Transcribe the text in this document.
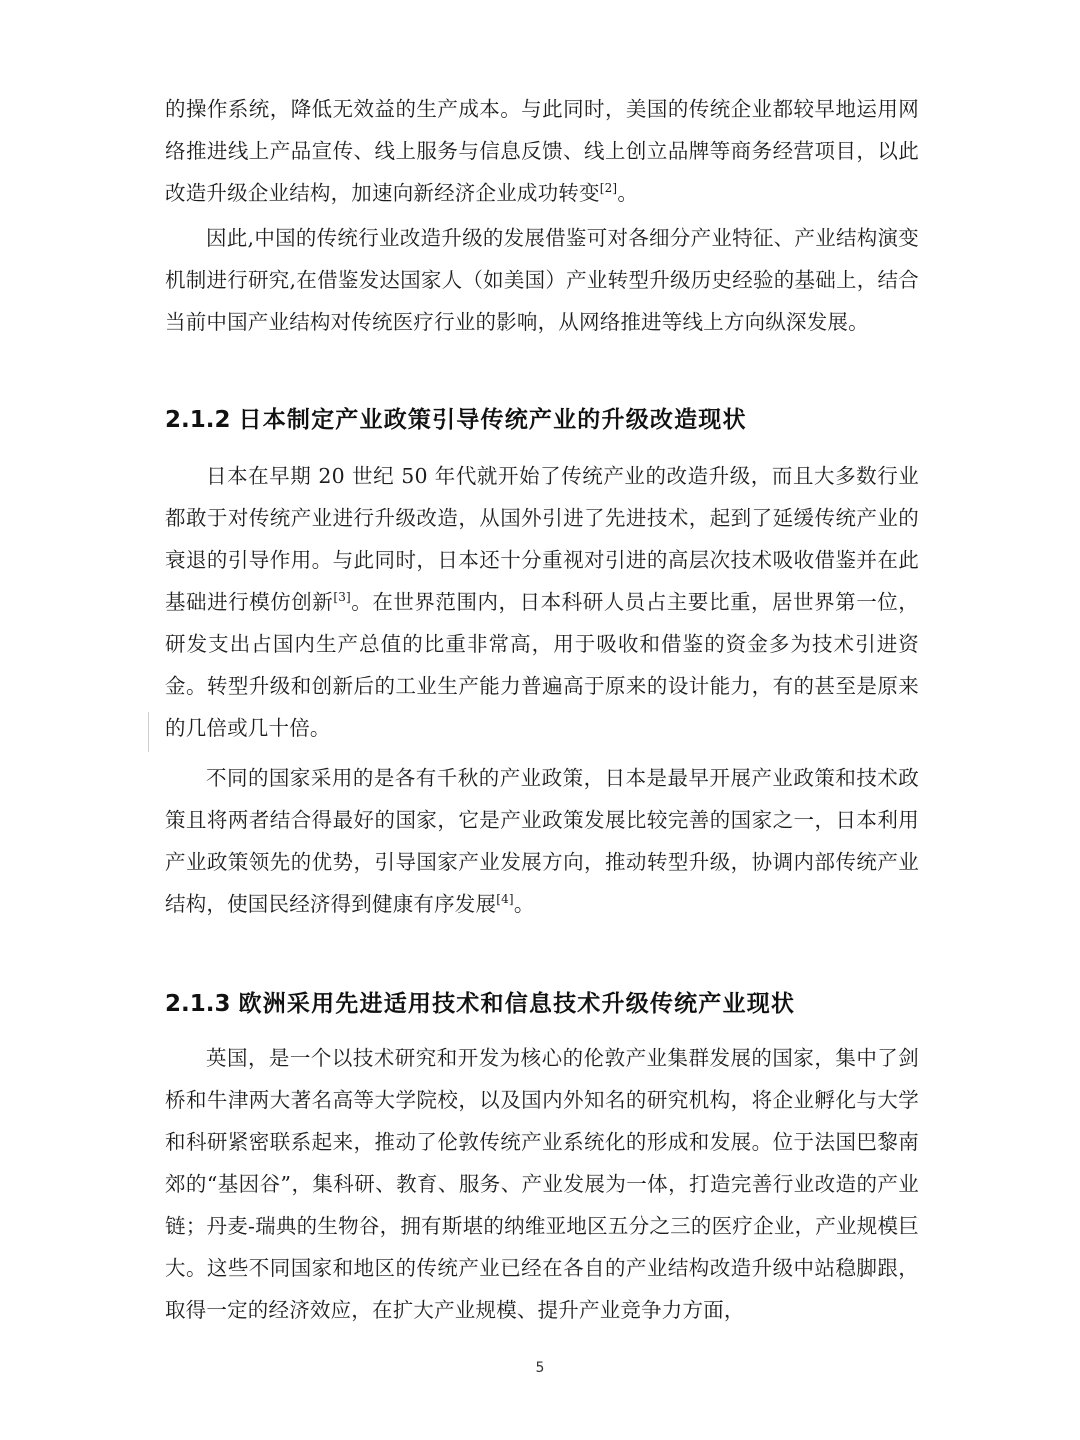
的操作系统，降低无效益的生产成本。与此同时，美国的传统企业都较早地运用网络推进线上产品宣传、线上服务与信息反馈、线上创立品牌等商务经营项目，以此改造升级企业结构，加速向新经济企业成功转变[2]。

因此,中国的传统行业改造升级的发展借鉴可对各细分产业特征、产业结构演变机制进行研究,在借鉴发达国家人（如美国）产业转型升级历史经验的基础上，结合当前中国产业结构对传统医疗行业的影响，从网络推进等线上方向纵深发展。

2.1.2 日本制定产业政策引导传统产业的升级改造现状

日本在早期 20 世纪 50 年代就开始了传统产业的改造升级，而且大多数行业都敢于对传统产业进行升级改造，从国外引进了先进技术，起到了延缓传统产业的衰退的引导作用。与此同时，日本还十分重视对引进的高层次技术吸收借鉴并在此基础进行模仿创新[3]。在世界范围内，日本科研人员占主要比重，居世界第一位，研发支出占国内生产总值的比重非常高，用于吸收和借鉴的资金多为技术引进资金。转型升级和创新后的工业生产能力普遍高于原来的设计能力，有的甚至是原来的几倍或几十倍。

不同的国家采用的是各有千秋的产业政策，日本是最早开展产业政策和技术政策且将两者结合得最好的国家，它是产业政策发展比较完善的国家之一，日本利用产业政策领先的优势，引导国家产业发展方向，推动转型升级，协调内部传统产业结构，使国民经济得到健康有序发展[4]。

2.1.3 欧洲采用先进适用技术和信息技术升级传统产业现状

英国，是一个以技术研究和开发为核心的伦敦产业集群发展的国家，集中了剑桥和牛津两大著名高等大学院校，以及国内外知名的研究机构，将企业孵化与大学和科研紧密联系起来，推动了伦敦传统产业系统化的形成和发展。位于法国巴黎南郊的“基因谷”，集科研、教育、服务、产业发展为一体，打造完善行业改造的产业链；丹麦-瑞典的生物谷，拥有斯堪的纳维亚地区五分之三的医疗企业，产业规模巨大。这些不同国家和地区的传统产业已经在各自的产业结构改造升级中站稳脚跟，取得一定的经济效应，在扩大产业规模、提升产业竞争力方面，

5
